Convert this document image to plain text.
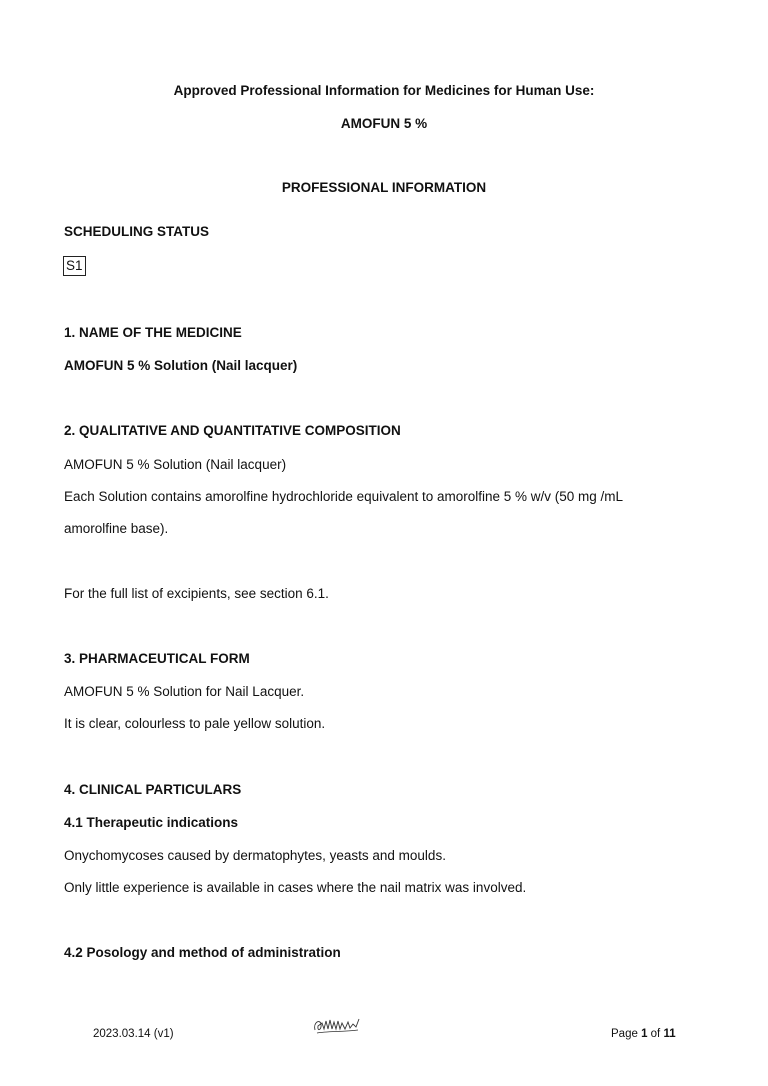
Approved Professional Information for Medicines for Human Use:
AMOFUN 5 %
PROFESSIONAL INFORMATION
SCHEDULING STATUS
S1
1. NAME OF THE MEDICINE
AMOFUN 5 % Solution (Nail lacquer)
2. QUALITATIVE AND QUANTITATIVE COMPOSITION
AMOFUN 5 % Solution (Nail lacquer)
Each Solution contains amorolfine hydrochloride equivalent to amorolfine 5 % w/v (50 mg /mL
amorolfine base).
For the full list of excipients, see section 6.1.
3. PHARMACEUTICAL FORM
AMOFUN 5 % Solution for Nail Lacquer.
It is clear, colourless to pale yellow solution.
4. CLINICAL PARTICULARS
4.1 Therapeutic indications
Onychomycoses caused by dermatophytes, yeasts and moulds.
Only little experience is available in cases where the nail matrix was involved.
4.2 Posology and method of administration
2023.03.14 (v1)	Page 1 of 11
